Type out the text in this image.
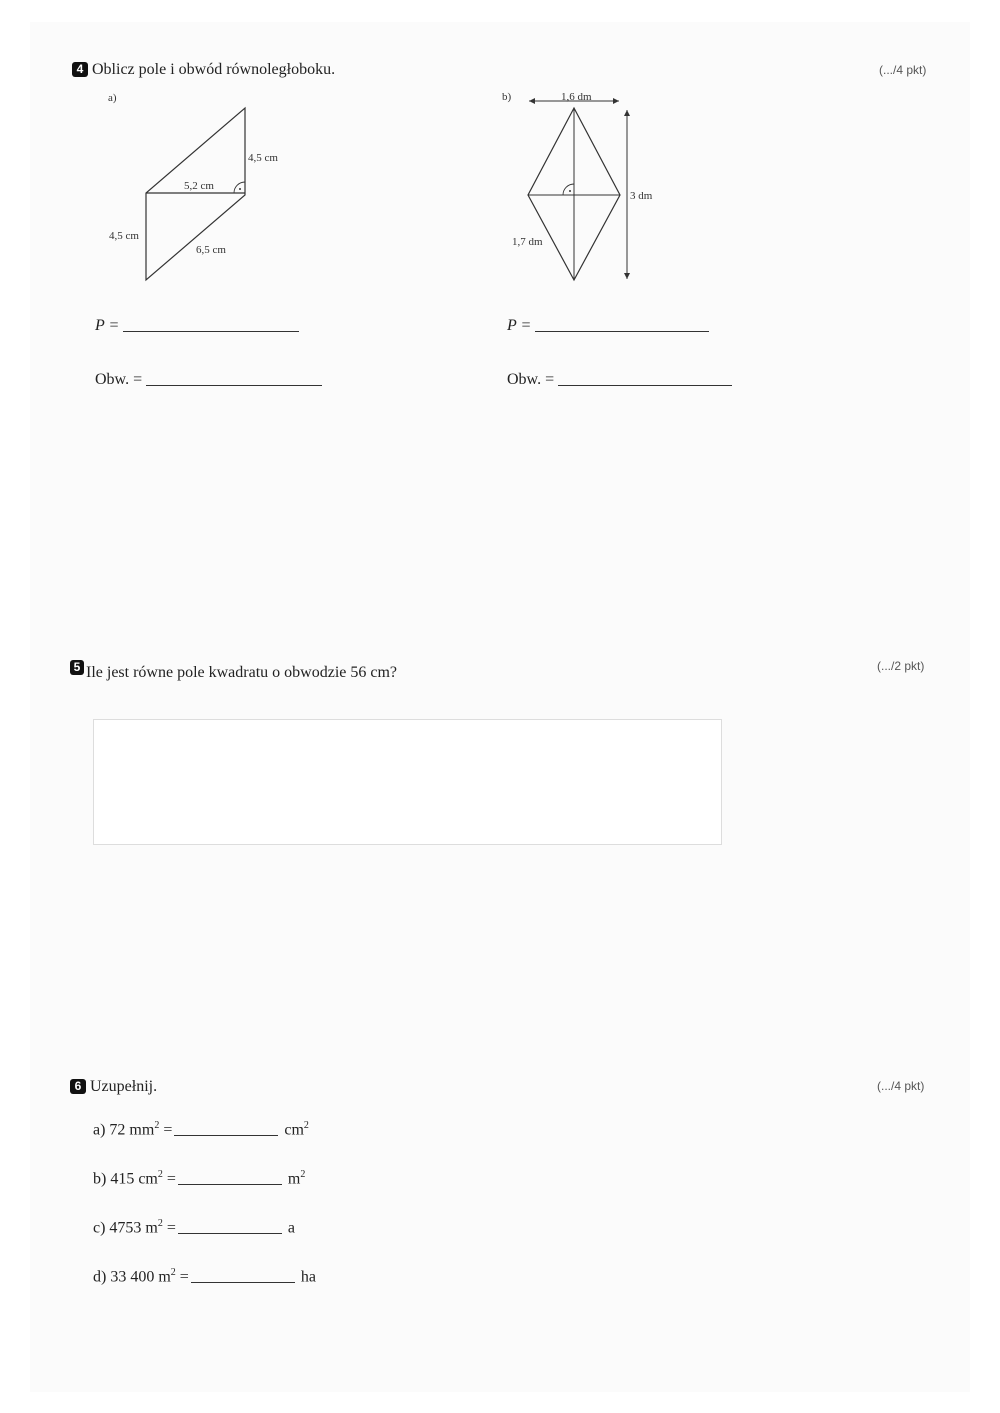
4 Oblicz pole i obwód równoległoboku.	(.../4 pkt)
a)
4,5 cm
5,2 cm
4,5 cm
6,5 cm
b)	1,6 dm
3 dm
1,7 dm
P =
Obw. =
P =
Obw. =
5 Ile jest równe pole kwadratu o obwodzie 56 cm?	(.../2 pkt)
6 Uzupełnij.	(.../4 pkt)
a) 72 $mm^2$ =	$cm^2$
b) 415 $cm^2$ =	$m^2$
c) 4753 $m^2$ =	a
d) 33 400 $m^2$ =	ha
